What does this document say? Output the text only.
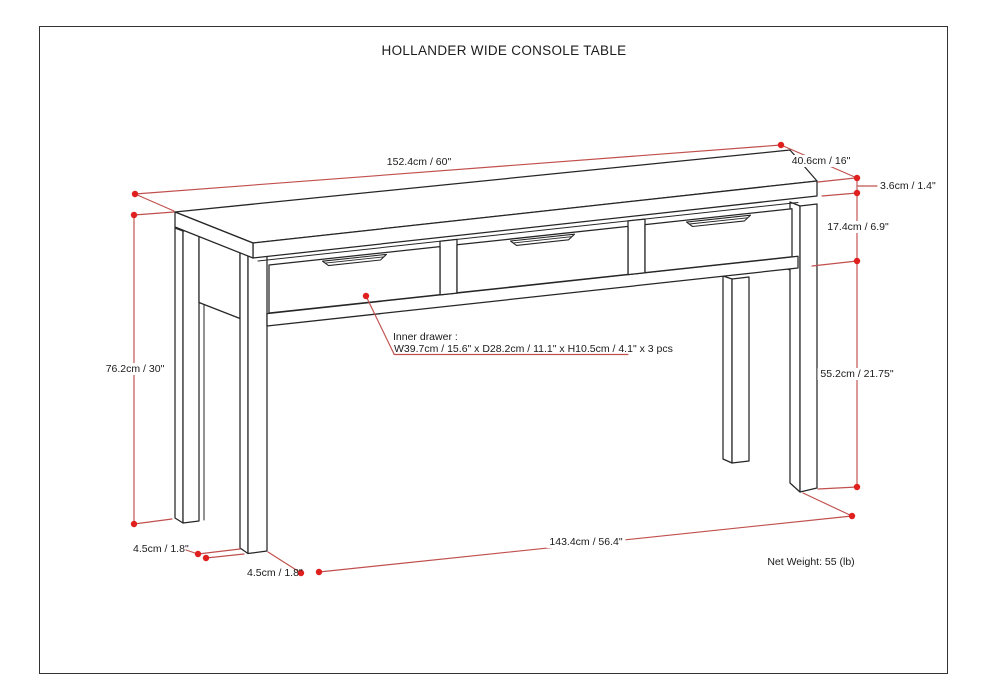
HOLLANDER WIDE CONSOLE TABLE
152.4cm / 60"	40.6cm / 16"
3.6cm / 1.4"
17.4cm / 6.9"
55.2cm / 21.75"
76.2cm / 30"
4.5cm / 1.8"
4.5cm / 1.8"
143.4cm / 56.4"
Net Weight: 55 (lb)
Inner drawer :
W39.7cm / 15.6" x D28.2cm / 11.1" x H10.5cm / 4.1" x 3 pcs
